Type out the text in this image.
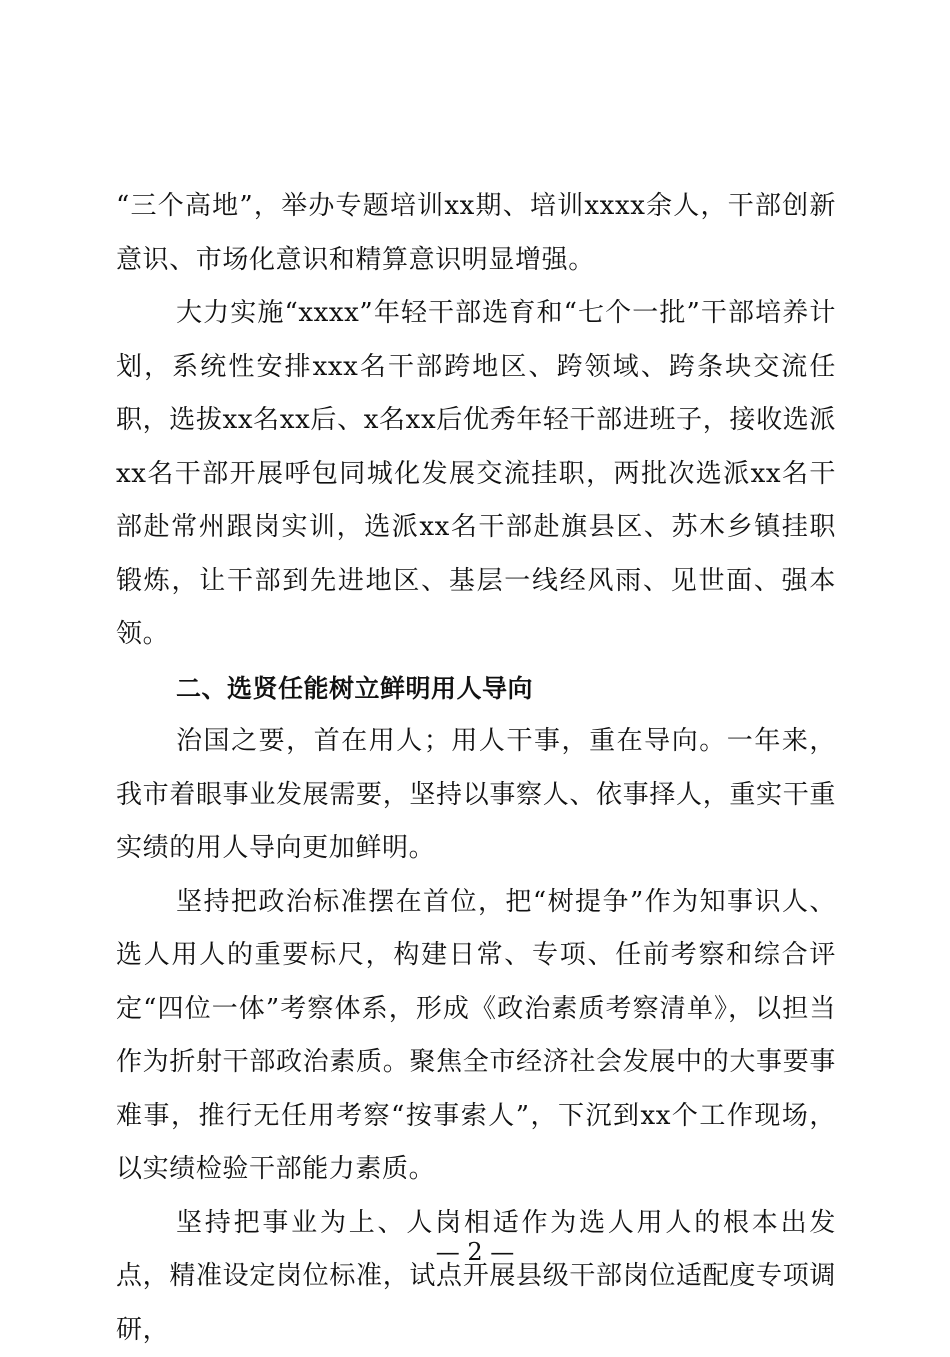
“三个高地”，举办专题培训xx期、培训xxxx余人，干部创新意识、市场化意识和精算意识明显增强。

大力实施“xxxx”年轻干部选育和“七个一批”干部培养计划，系统性安排xxx名干部跨地区、跨领域、跨条块交流任职，选拔xx名xx后、x名xx后优秀年轻干部进班子，接收选派xx名干部开展呼包同城化发展交流挂职，两批次选派xx名干部赴常州跟岗实训，选派xx名干部赴旗县区、苏木乡镇挂职锻炼，让干部到先进地区、基层一线经风雨、见世面、强本领。

二、选贤任能树立鲜明用人导向

治国之要，首在用人；用人干事，重在导向。一年来，我市着眼事业发展需要，坚持以事察人、依事择人，重实干重实绩的用人导向更加鲜明。

坚持把政治标准摆在首位，把“树提争”作为知事识人、选人用人的重要标尺，构建日常、专项、任前考察和综合评定“四位一体”考察体系，形成《政治素质考察清单》，以担当作为折射干部政治素质。聚焦全市经济社会发展中的大事要事难事，推行无任用考察“按事索人”，下沉到xx个工作现场，以实绩检验干部能力素质。

坚持把事业为上、人岗相适作为选人用人的根本出发点，精准设定岗位标准，试点开展县级干部岗位适配度专项调研，

— 2 —
